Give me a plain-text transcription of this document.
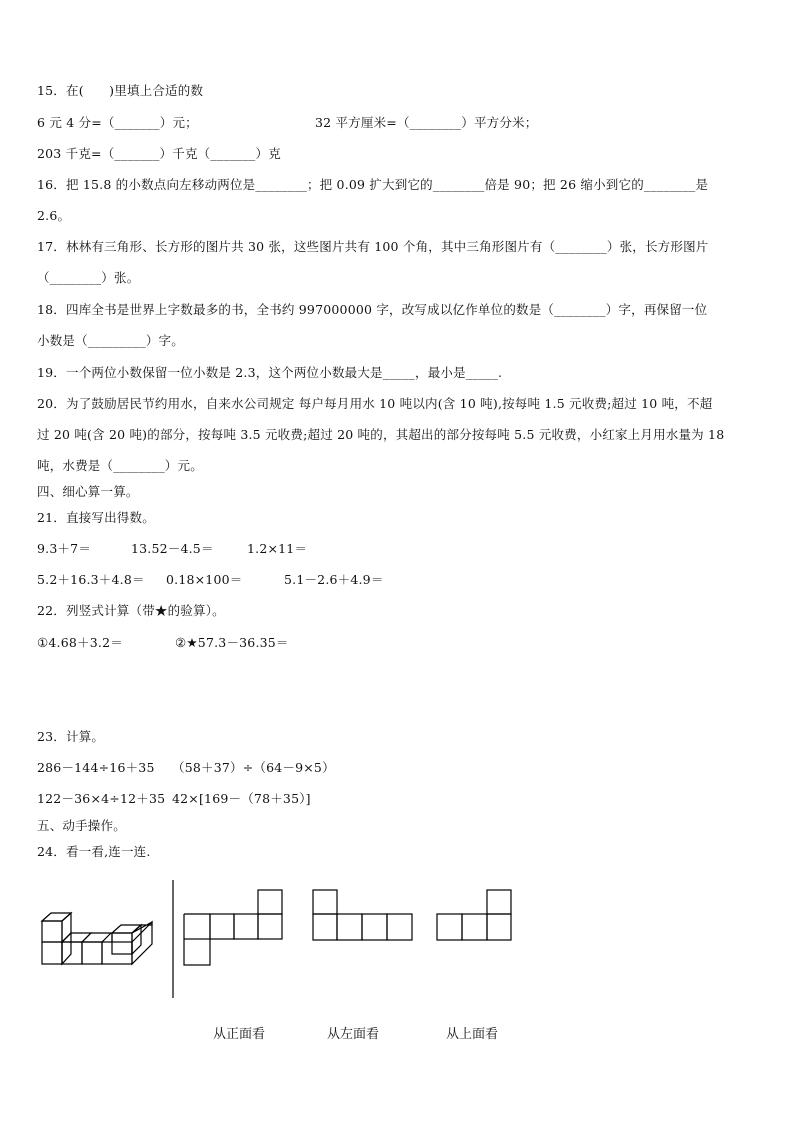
15．在(　　)里填上合适的数
6 元 4 分=（_______）元；	32 平方厘米=（________）平方分米；
203 千克=（_______）千克（_______）克
16．把 15.8 的小数点向左移动两位是________；把 0.09 扩大到它的________倍是 90；把 26 缩小到它的________是
2.6。
17．林林有三角形、长方形的图片共 30 张，这些图片共有 100 个角，其中三角形图片有（________）张，长方形图片
（________）张。
18．四库全书是世界上字数最多的书，全书约 997000000 字，改写成以亿作单位的数是（________）字，再保留一位
小数是（_________）字。
19．一个两位小数保留一位小数是 2.3，这个两位小数最大是_____，最小是_____.
20．为了鼓励居民节约用水，自来水公司规定 每户每月用水 10 吨以内(含 10 吨),按每吨 1.5 元收费;超过 10 吨，不超
过 20 吨(含 20 吨)的部分，按每吨 3.5 元收费;超过 20 吨的，其超出的部分按每吨 5.5 元收费，小红家上月用水量为 18
吨，水费是（________）元。
四、细心算一算。
21．直接写出得数。
9.3＋7＝	13.52－4.5＝	1.2×11＝
5.2＋16.3＋4.8＝ 0.18×100＝	5.1－2.6＋4.9＝
22．列竖式计算（带★的验算）。
①4.68＋3.2＝	②★57.3－36.35＝
23．计算。
286－144÷16＋35 （58＋37）÷（64－9×5）
122－36×4÷12＋35 42×[169－（78＋35）]
五、动手操作。
24．看一看,连一连.
从正面看	从左面看	从上面看
